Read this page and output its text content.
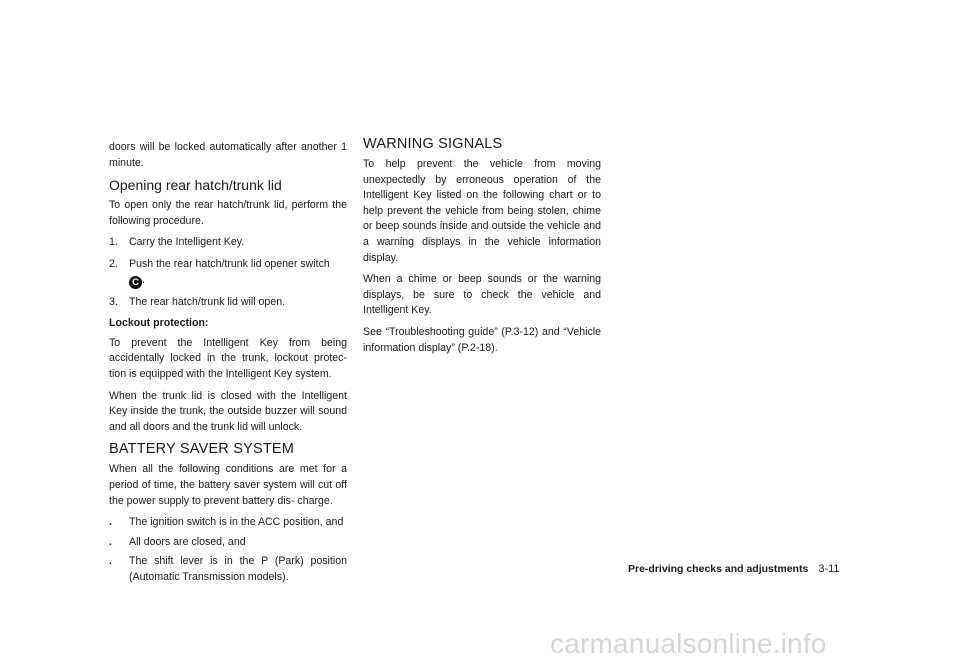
doors will be locked automatically after another 1 minute.

Opening rear hatch/trunk lid

To open only the rear hatch/trunk lid, perform the following procedure.

1.	Carry the Intelligent Key.
2.	Push the rear hatch/trunk lid opener switch
C .
3.	The rear hatch/trunk lid will open.

Lockout protection:

To prevent the Intelligent Key from being accidentally locked in the trunk, lockout protec- tion is equipped with the Intelligent Key system.

When the trunk lid is closed with the Intelligent Key inside the trunk, the outside buzzer will sound and all doors and the trunk lid will unlock.

BATTERY SAVER SYSTEM

When all the following conditions are met for a period of time, the battery saver system will cut off the power supply to prevent battery dis- charge.

.	The ignition switch is in the ACC position, and
.	All doors are closed, and
.	The shift lever is in the P (Park) position (Automatic Transmission models).
WARNING SIGNALS

To help prevent the vehicle from moving unexpectedly by erroneous operation of the Intelligent Key listed on the following chart or to help prevent the vehicle from being stolen, chime or beep sounds inside and outside the vehicle and a warning displays in the vehicle information display.

When a chime or beep sounds or the warning displays, be sure to check the vehicle and Intelligent Key.

See “Troubleshooting guide” (P.3-12) and “Vehicle information display” (P.2-18).

Pre-driving checks and adjustments 3-11
carmanualsonline.info
